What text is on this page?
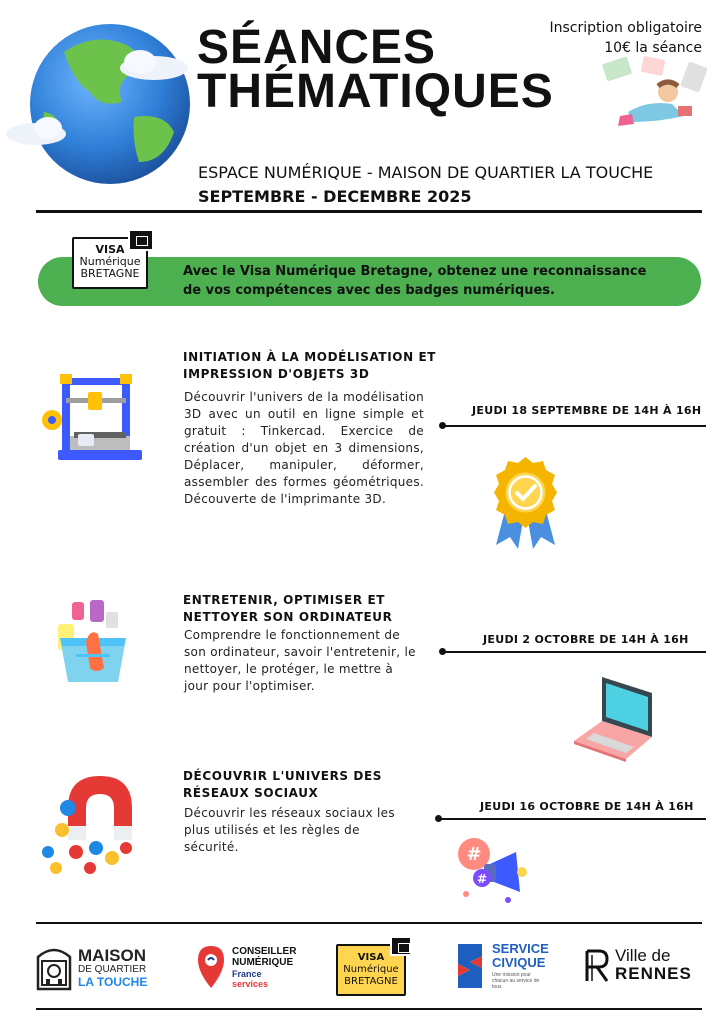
SÉANCES
THÉMATIQUES
Inscription obligatoire
10€ la séance
ESPACE NUMÉRIQUE - MAISON DE QUARTIER LA TOUCHE
SEPTEMBRE - DECEMBRE 2025
VISA
Numérique
BRETAGNE	Avec le Visa Numérique Bretagne, obtenez une reconnaissance
de vos compétences avec des badges numériques.
INITIATION À LA MODÉLISATION ET
IMPRESSION D'OBJETS 3D
Découvrir l'univers de la modélisation 3D avec un outil en ligne simple et gratuit : Tinkercad. Exercice de création d'un objet en 3 dimensions, Déplacer, manipuler, déformer, assembler des formes géométriques. Découverte de l'imprimante 3D.
JEUDI 18 SEPTEMBRE DE 14H À 16H
ENTRETENIR, OPTIMISER ET
NETTOYER SON ORDINATEUR
Comprendre le fonctionnement de son ordinateur, savoir l'entretenir, le nettoyer, le protéger, le mettre à jour pour l'optimiser.
JEUDI 2 OCTOBRE DE 14H À 16H
DÉCOUVRIR L'UNIVERS DES
RÉSEAUX SOCIAUX
Découvrir les réseaux sociaux les plus utilisés et les règles de sécurité.
JEUDI 16 OCTOBRE DE 14H À 16H
#
#
MAISON
DE QUARTIER
LA TOUCHE
CONSEILLER
NUMÉRIQUE
France
services
VISA
Numérique
BRETAGNE
SERVICE
CIVIQUE
Une mission pour chacun au service de tous
Ville de
RENNES
